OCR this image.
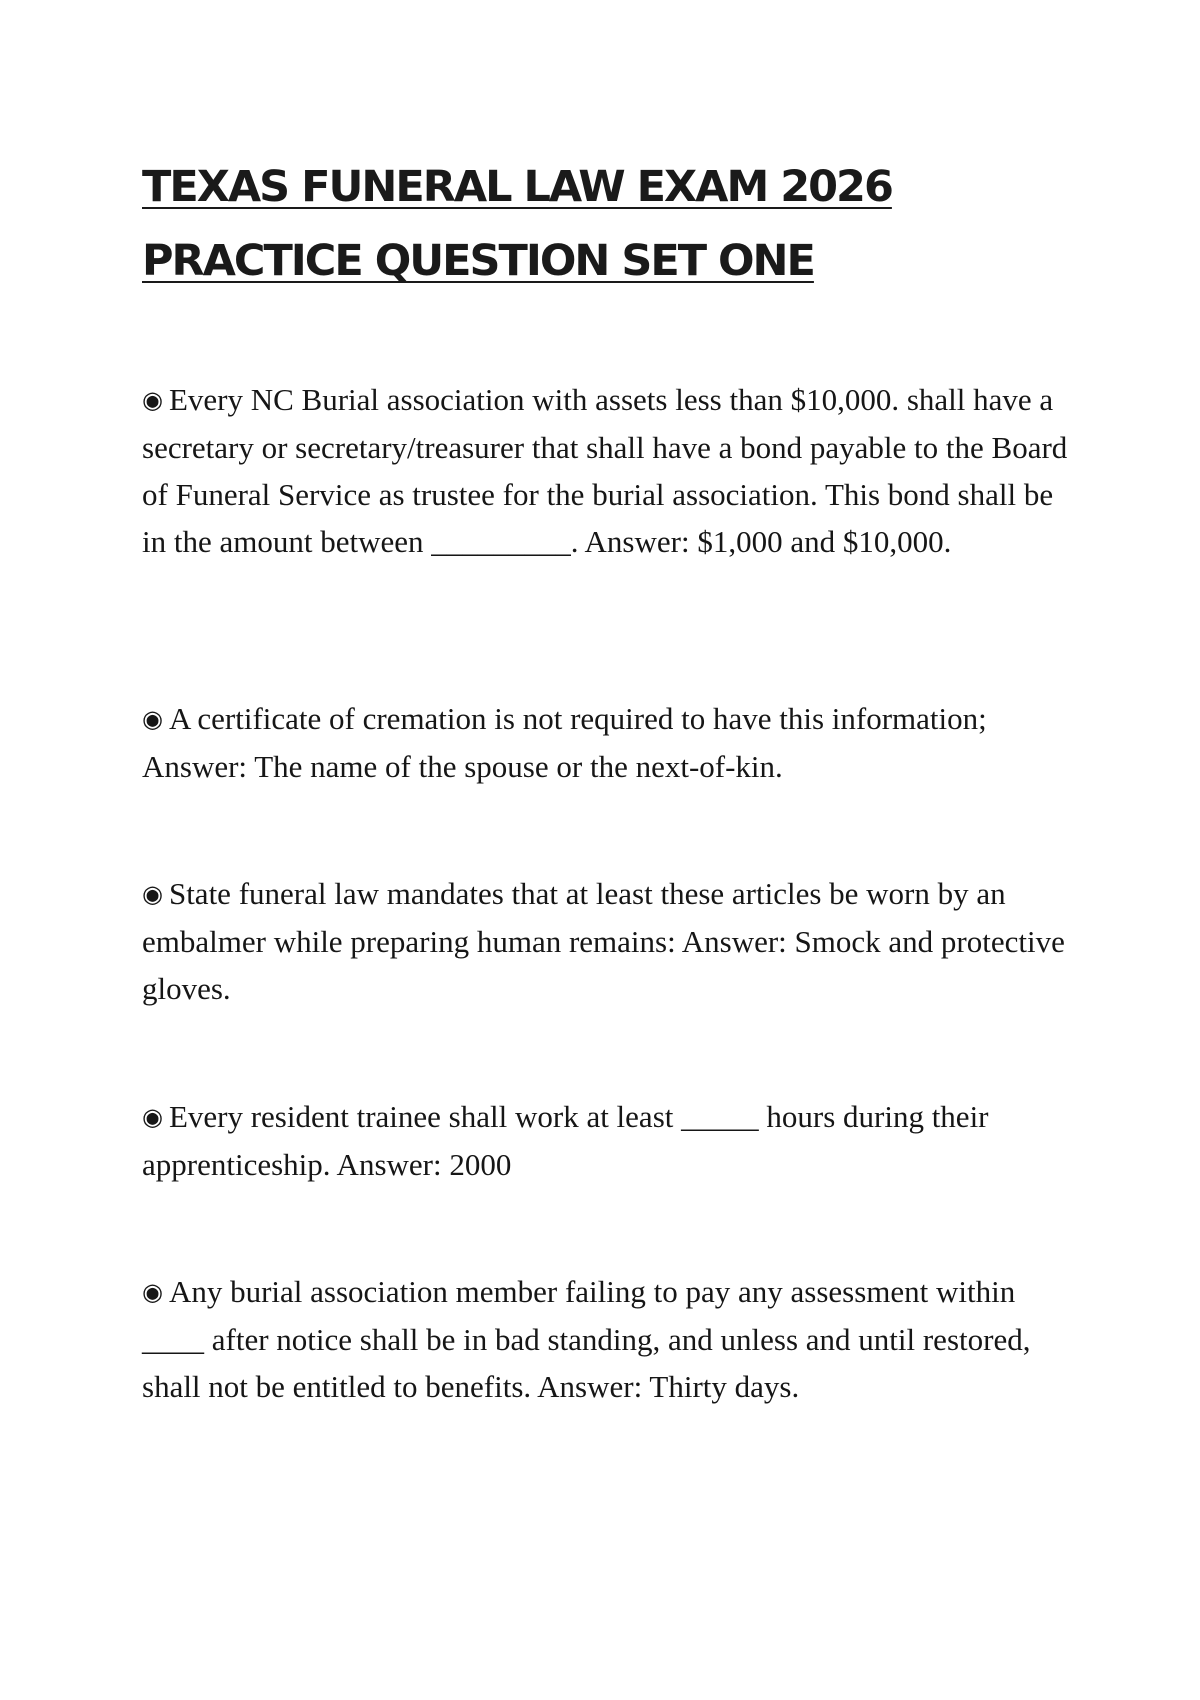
TEXAS FUNERAL LAW EXAM 2026 PRACTICE QUESTION SET ONE

◉ Every NC Burial association with assets less than $10,000. shall have a secretary or secretary/treasurer that shall have a bond payable to the Board of Funeral Service as trustee for the burial association. This bond shall be in the amount between _________. Answer: $1,000 and $10,000.

◉ A certificate of cremation is not required to have this information; Answer: The name of the spouse or the next-of-kin.

◉ State funeral law mandates that at least these articles be worn by an embalmer while preparing human remains: Answer: Smock and protective gloves.

◉ Every resident trainee shall work at least _____ hours during their apprenticeship. Answer: 2000

◉ Any burial association member failing to pay any assessment within ____ after notice shall be in bad standing, and unless and until restored, shall not be entitled to benefits. Answer: Thirty days.
